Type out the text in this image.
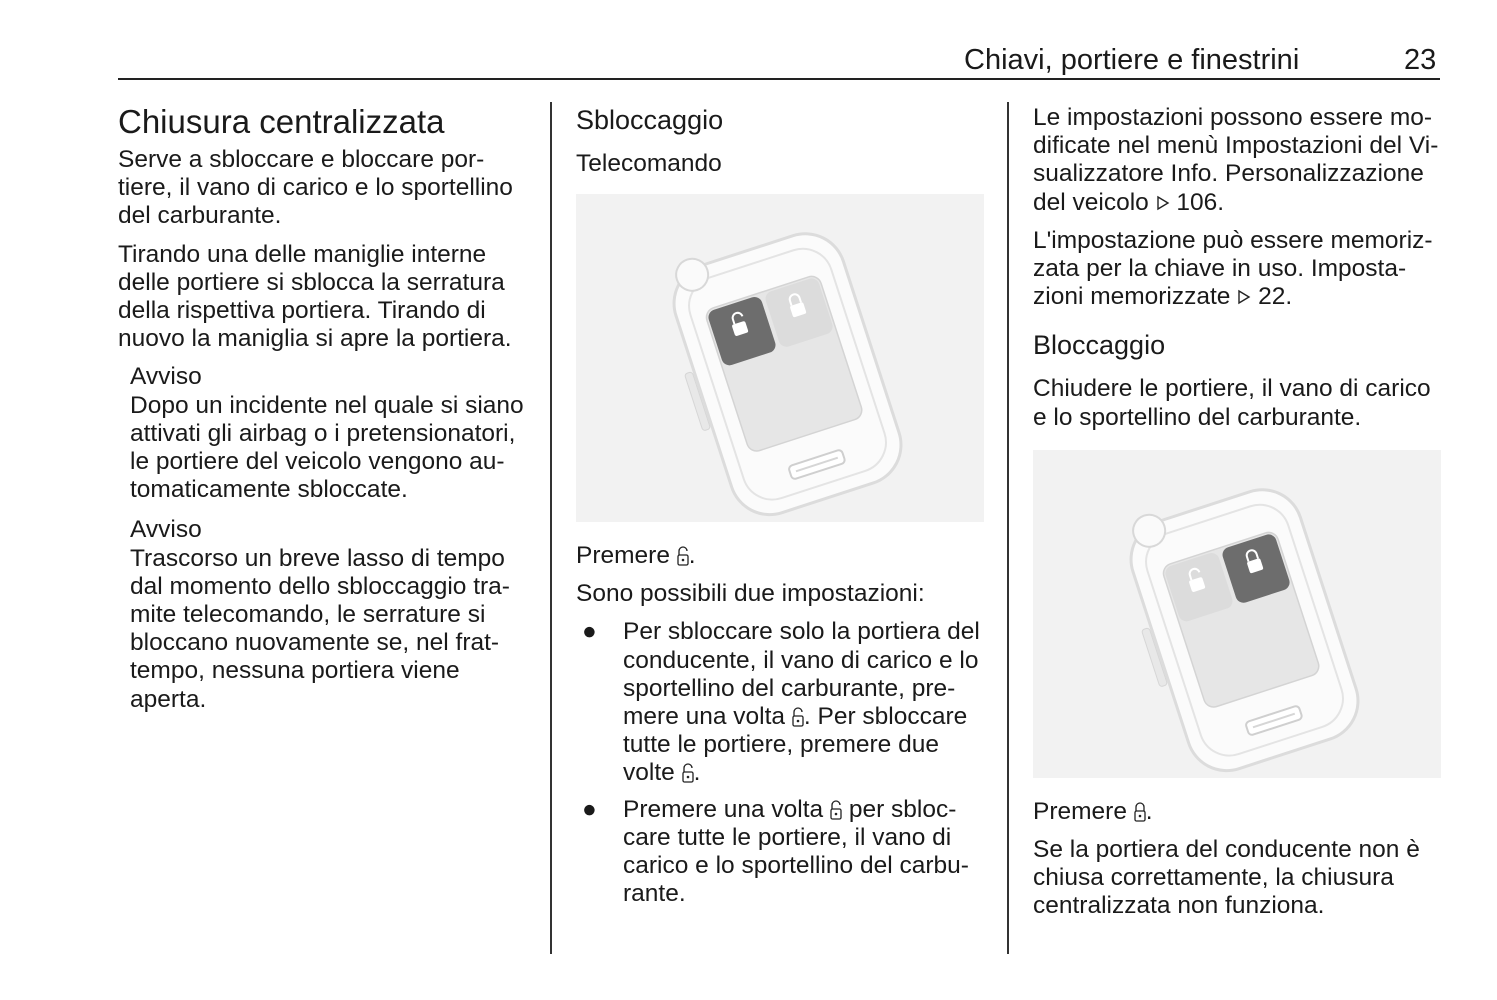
Chiavi, portiere e finestrini	23
Chiusura centralizzata

Serve a sbloccare e bloccare portiere, il vano di carico e lo sportellino del carburante.

Tirando una delle maniglie interne delle portiere si sblocca la serratura della rispettiva portiera. Tirando di nuovo la maniglia si apre la portiera.

Avviso
Dopo un incidente nel quale si siano attivati gli airbag o i pretensionatori, le portiere del veicolo vengono automaticamente sbloccate.
Avviso
Trascorso un breve lasso di tempo dal momento dello sbloccaggio tramite telecomando, le serrature si bloccano nuovamente se, nel frattempo, nessuna portiera viene aperta.
Sbloccaggio
Telecomando

Premere .

Sono possibili due impostazioni:

● Per sbloccare solo la portiera del conducente, il vano di carico e lo sportellino del carburante, premere una volta . Per sbloccare tutte le portiere, premere due volte .
● Premere una volta per sbloccare tutte le portiere, il vano di carico e lo sportellino del carburante.

Le impostazioni possono essere modificate nel menù Impostazioni del Visualizzatore Info. Personalizzazione del veicolo 106.

L'impostazione può essere memorizzata per la chiave in uso. Impostazioni memorizzate 22.

Bloccaggio

Chiudere le portiere, il vano di carico e lo sportellino del carburante.

Premere .

Se la portiera del conducente non è chiusa correttamente, la chiusura centralizzata non funziona.
